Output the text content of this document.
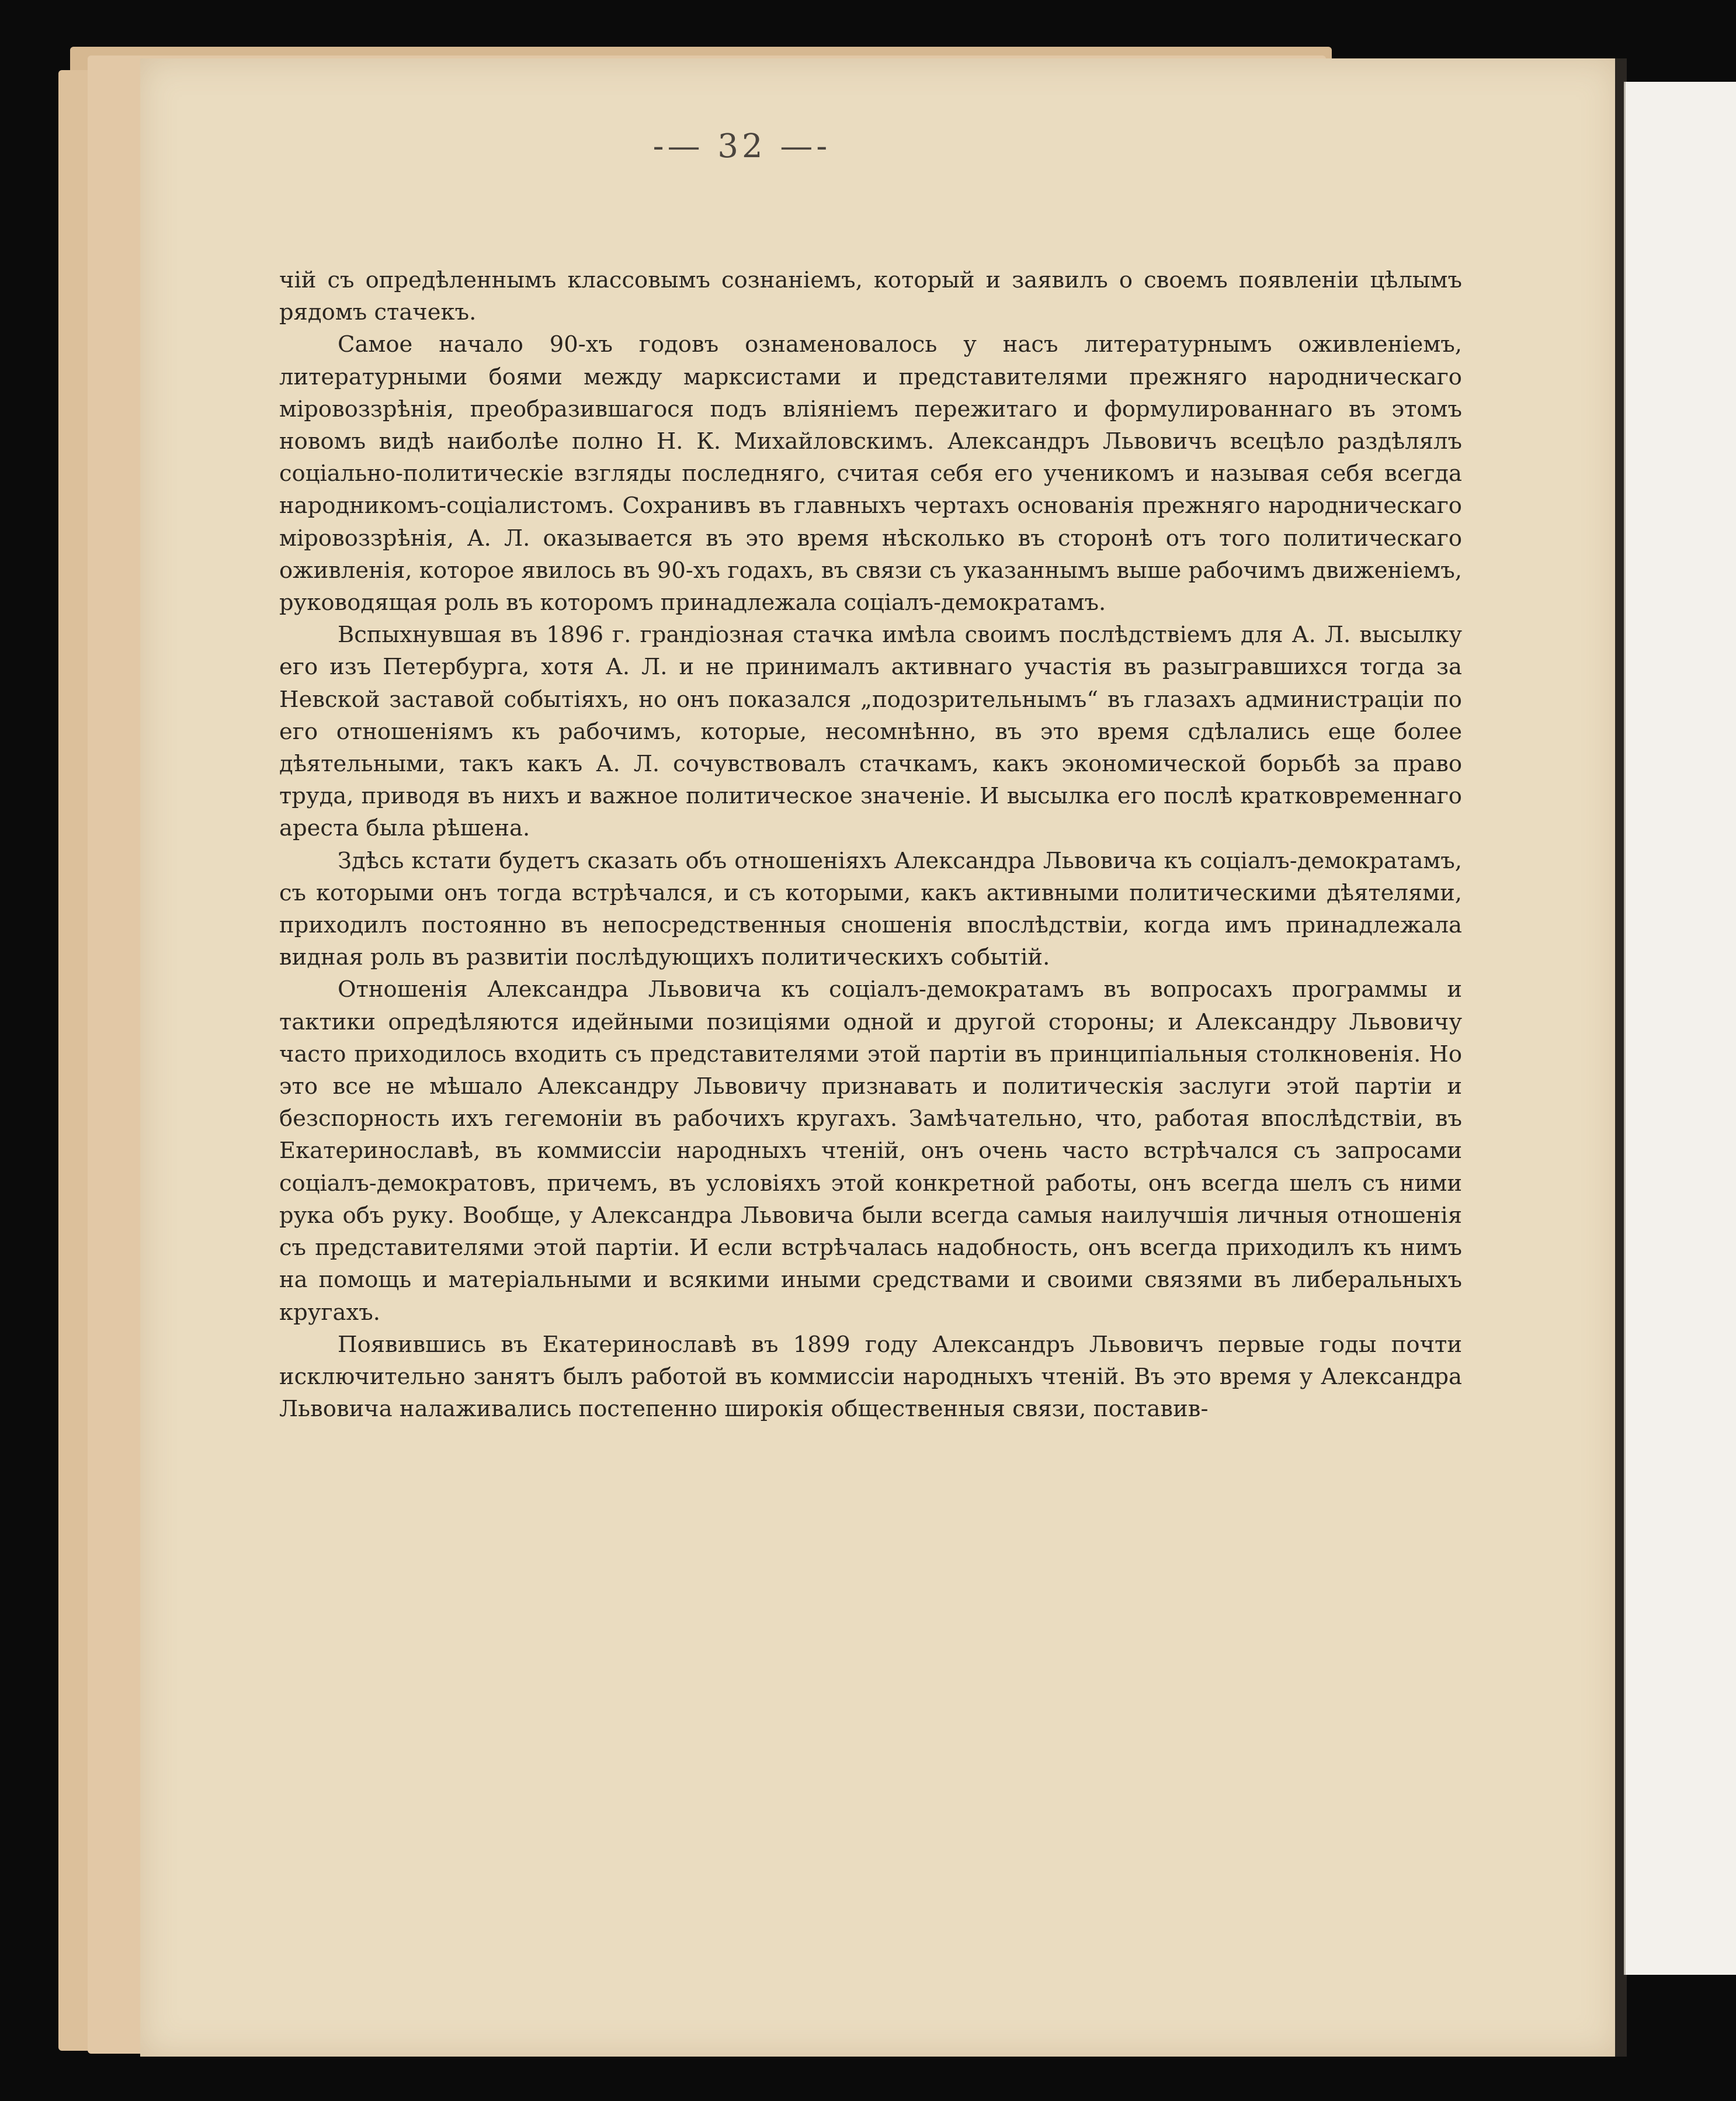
-— 32 —-

чій съ опредѣленнымъ классовымъ сознаніемъ, который и заявилъ о своемъ появленіи цѣлымъ рядомъ стачекъ.

Самое начало 90-хъ годовъ ознаменовалось у насъ литературнымъ оживленіемъ, литературными боями между марксистами и представителями прежняго народническаго міровоззрѣнія, преобразившагося подъ вліяніемъ пережитаго и формулированнаго въ этомъ новомъ видѣ наиболѣе полно Н. К. Михайловскимъ. Александръ Львовичъ всецѣло раздѣлялъ соціально-политическіе взгляды последняго, считая себя его ученикомъ и называя себя всегда народникомъ-соціалистомъ. Сохранивъ въ главныхъ чертахъ основанія прежняго народническаго міровоззрѣнія, А. Л. оказывается въ это время нѣсколько въ сторонѣ отъ того политическаго оживленія, которое явилось въ 90-хъ годахъ, въ связи съ указаннымъ выше рабочимъ движеніемъ, руководящая роль въ которомъ принадлежала соціалъ-демократамъ.

Вспыхнувшая въ 1896 г. грандіозная стачка имѣла своимъ послѣдствіемъ для А. Л. высылку его изъ Петербурга, хотя А. Л. и не принималъ активнаго участія въ разыгравшихся тогда за Невской заставой событіяхъ, но онъ показался „подозрительнымъ“ въ глазахъ администраціи по его отношеніямъ къ рабочимъ, которые, несомнѣнно, въ это время сдѣлались еще более дѣятельными, такъ какъ А. Л. сочувствовалъ стачкамъ, какъ экономической борьбѣ за право труда, приводя въ нихъ и важное политическое значеніе. И высылка его послѣ кратковременнаго ареста была рѣшена.

Здѣсь кстати будетъ сказать объ отношеніяхъ Александра Львовича къ соціалъ-демократамъ, съ которыми онъ тогда встрѣчался, и съ которыми, какъ активными политическими дѣятелями, приходилъ постоянно въ непосредственныя сношенія впослѣдствіи, когда имъ принадлежала видная роль въ развитіи послѣдующихъ политическихъ событій.

Отношенія Александра Львовича къ соціалъ-демократамъ въ вопросахъ программы и тактики опредѣляются идейными позиціями одной и другой стороны; и Александру Львовичу часто приходилось входить съ представителями этой партіи въ принципіальныя столкновенія. Но это все не мѣшало Александру Львовичу признавать и политическія заслуги этой партіи и безспорность ихъ гегемоніи въ рабочихъ кругахъ. Замѣчательно, что, работая впослѣдствіи, въ Екатеринославѣ, въ коммиссіи народныхъ чтеній, онъ очень часто встрѣчался съ запросами соціалъ-демократовъ, причемъ, въ условіяхъ этой конкретной работы, онъ всегда шелъ съ ними рука объ руку. Вообще, у Александра Львовича были всегда самыя наилучшія личныя отношенія съ представителями этой партіи. И если встрѣчалась надобность, онъ всегда приходилъ къ нимъ на помощь и матеріальными и всякими иными средствами и своими связями въ либеральныхъ кругахъ.

Появившись въ Екатеринославѣ въ 1899 году Александръ Львовичъ первые годы почти исключительно занятъ былъ работой въ коммиссіи народныхъ чтеній. Въ это время у Александра Львовича налаживались постепенно широкія общественныя связи, поставив-
